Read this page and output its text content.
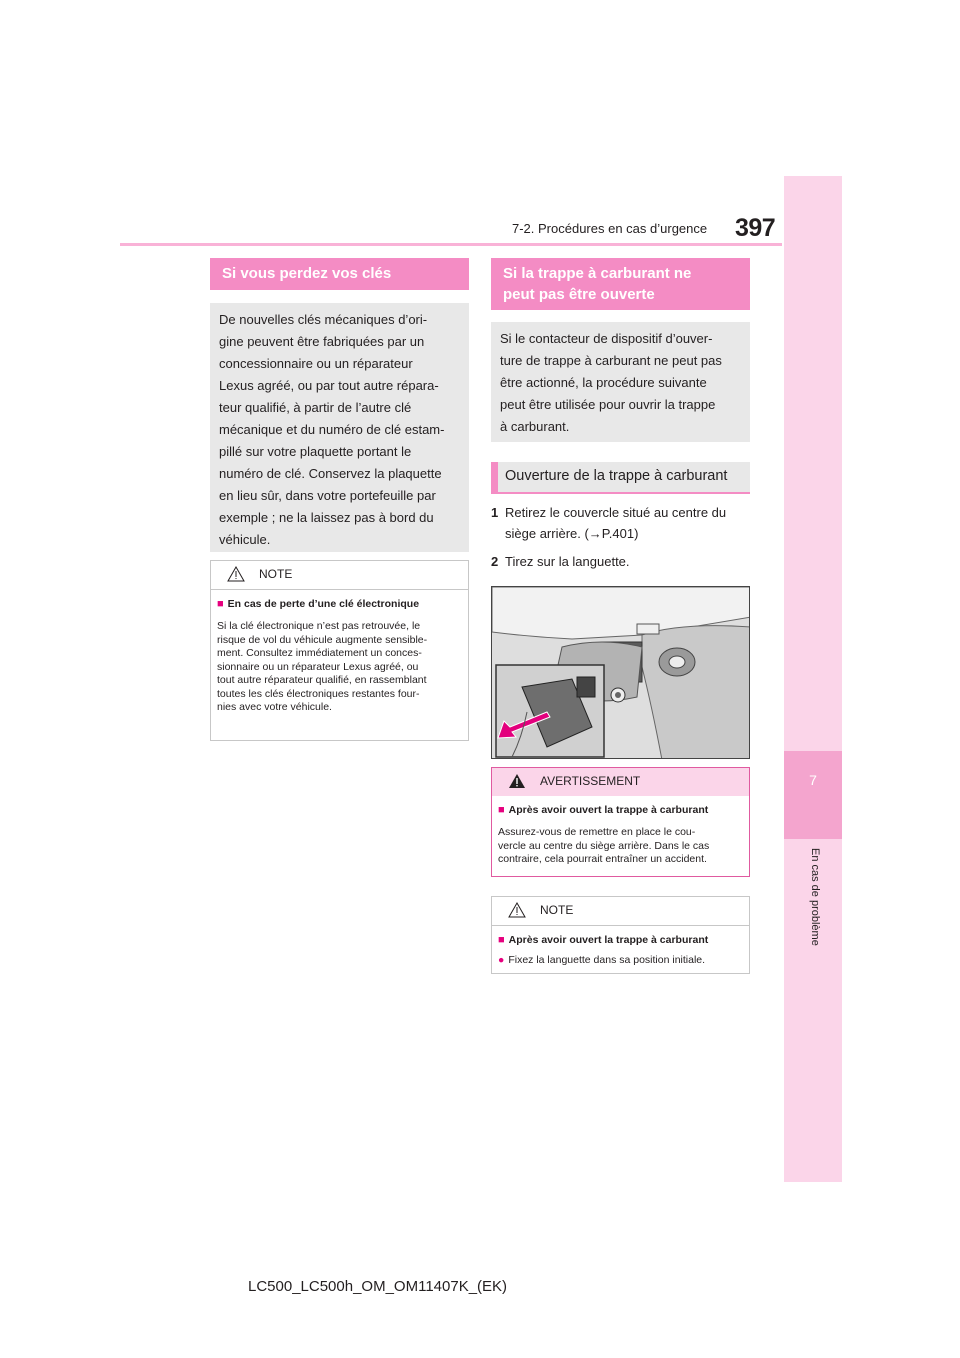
397
7-2. Procédures en cas d’urgence
7
En cas de problème
Si vous perdez vos clés
De nouvelles clés mécaniques d’ori-
gine peuvent être fabriquées par un
concessionnaire ou un réparateur
Lexus agréé, ou par tout autre répara-
teur qualifié, à partir de l’autre clé
mécanique et du numéro de clé estam-
pillé sur votre plaquette portant le
numéro de clé. Conservez la plaquette
en lieu sûr, dans votre portefeuille par
exemple ; ne la laissez pas à bord du
véhicule.
NOTE
■ En cas de perte d’une clé électronique
Si la clé électronique n’est pas retrouvée, le
risque de vol du véhicule augmente sensible-
ment. Consultez immédiatement un conces-
sionnaire ou un réparateur Lexus agréé, ou
tout autre réparateur qualifié, en rassemblant
toutes les clés électroniques restantes four-
nies avec votre véhicule.
Si la trappe à carburant ne
peut pas être ouverte
Si le contacteur de dispositif d’ouver-
ture de trappe à carburant ne peut pas
être actionné, la procédure suivante
peut être utilisée pour ouvrir la trappe
à carburant.
Ouverture de la trappe à carburant
1 Retirez le couvercle situé au centre du
siège arrière. (→P.401)
2 Tirez sur la languette.
AVERTISSEMENT
■ Après avoir ouvert la trappe à carburant
Assurez-vous de remettre en place le cou-
vercle au centre du siège arrière. Dans le cas
contraire, cela pourrait entraîner un accident.
NOTE
■ Après avoir ouvert la trappe à carburant
● Fixez la languette dans sa position initiale.
LC500_LC500h_OM_OM11407K_(EK)
